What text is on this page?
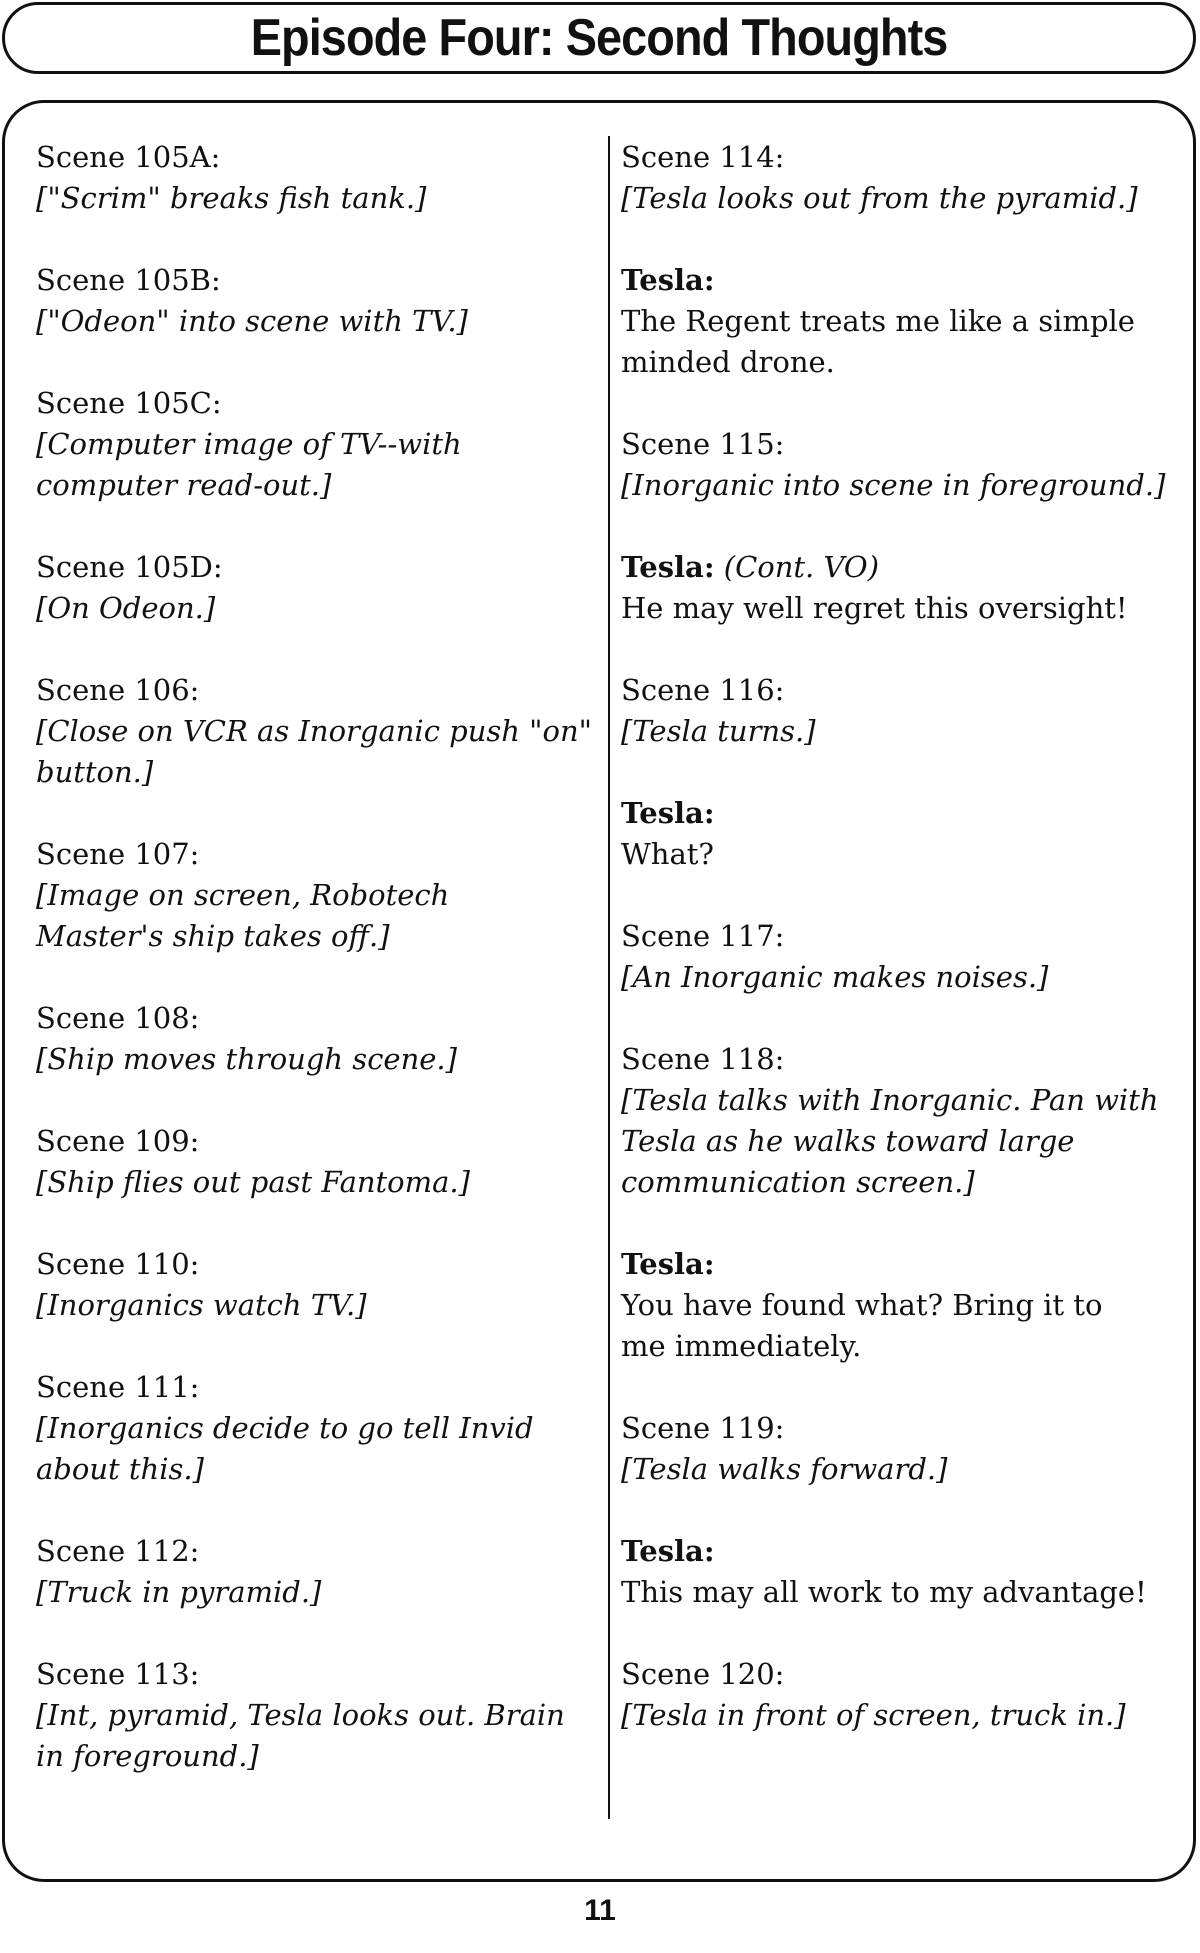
Episode Four: Second Thoughts
Scene 105A:
["Scrim" breaks fish tank.]
Scene 105B:
["Odeon" into scene with TV.]
Scene 105C:
[Computer image of TV--with computer read-out.]
Scene 105D:
[On Odeon.]
Scene 106:
[Close on VCR as Inorganic push "on" button.]
Scene 107:
[Image on screen, Robotech Master's ship takes off.]
Scene 108:
[Ship moves through scene.]
Scene 109:
[Ship flies out past Fantoma.]
Scene 110:
[Inorganics watch TV.]
Scene 111:
[Inorganics decide to go tell Invid about this.]
Scene 112:
[Truck in pyramid.]
Scene 113:
[Int, pyramid, Tesla looks out. Brain in foreground.]
Scene 114:
[Tesla looks out from the pyramid.]
Tesla:
The Regent treats me like a simple minded drone.
Scene 115:
[Inorganic into scene in foreground.]
Tesla: (Cont. VO)
He may well regret this oversight!
Scene 116:
[Tesla turns.]
Tesla:
What?
Scene 117:
[An Inorganic makes noises.]
Scene 118:
[Tesla talks with Inorganic. Pan with Tesla as he walks toward large communication screen.]
Tesla:
You have found what? Bring it to me immediately.
Scene 119:
[Tesla walks forward.]
Tesla:
This may all work to my advantage!
Scene 120:
[Tesla in front of screen, truck in.]
11
